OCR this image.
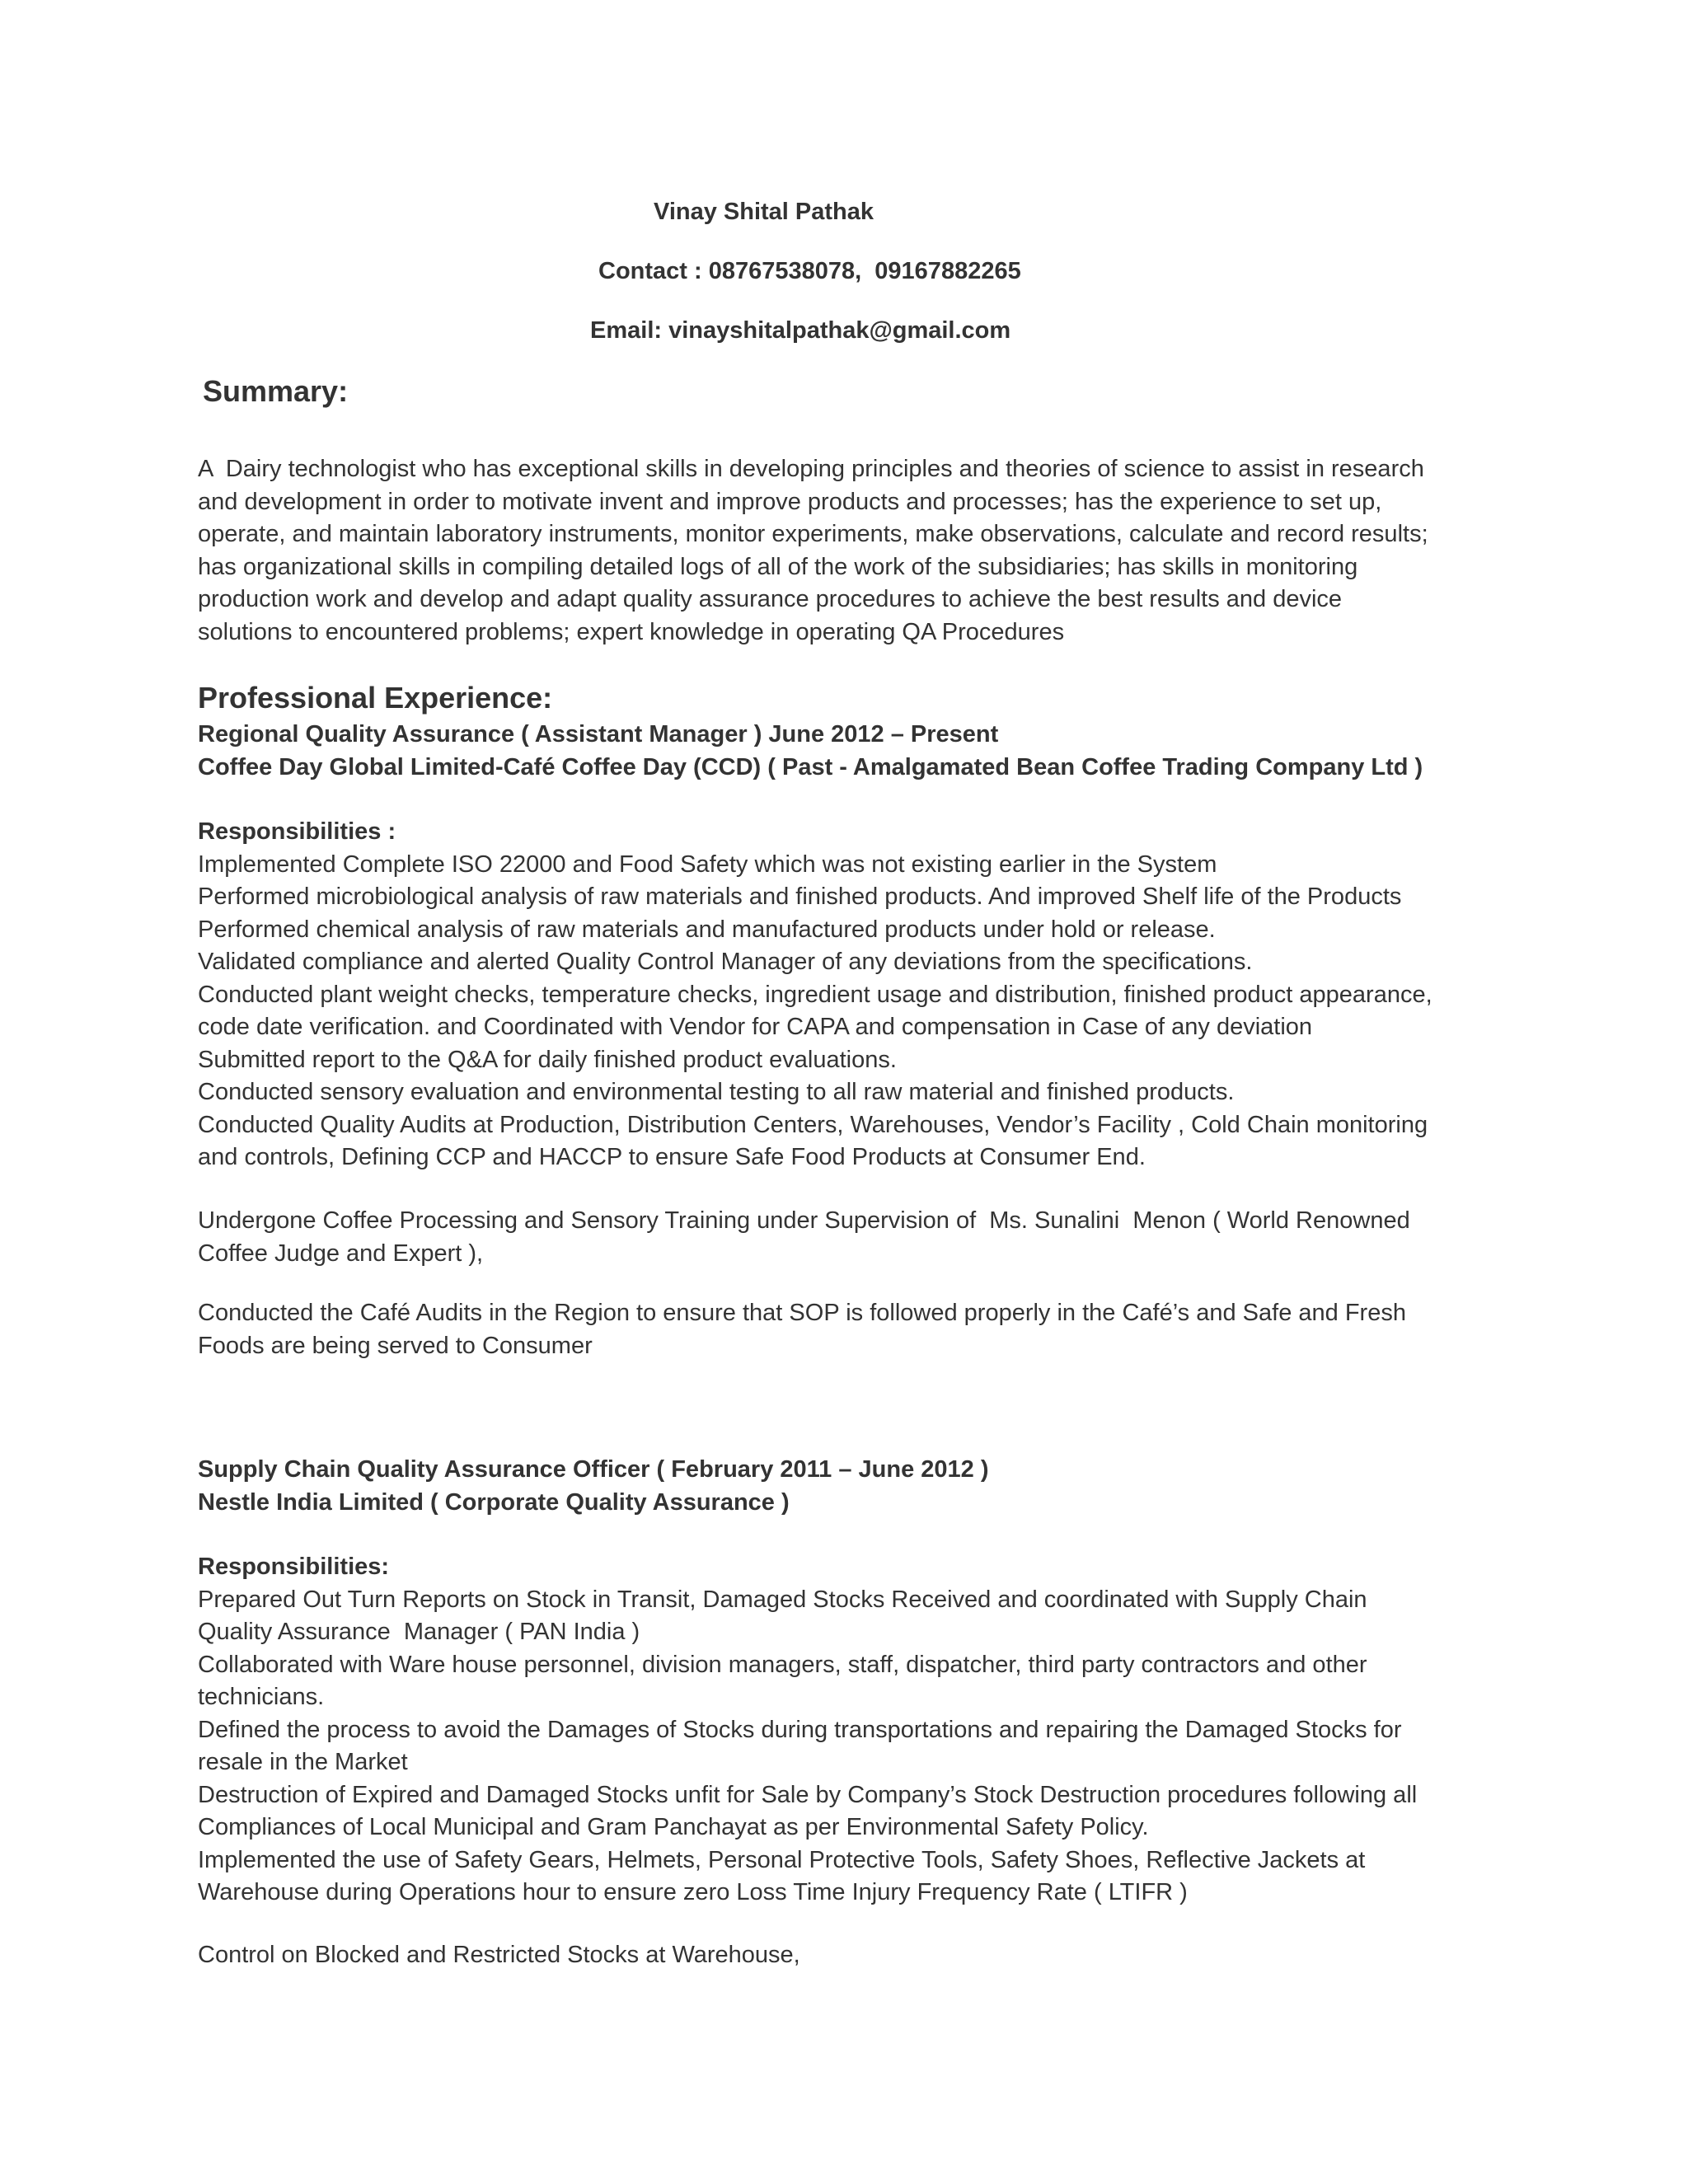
Vinay Shital Pathak
Contact : 08767538078,  09167882265
Email: vinayshitalpathak@gmail.com
Summary:

A  Dairy technologist who has exceptional skills in developing principles and theories of science to assist in research

and development in order to motivate invent and improve products and processes; has the experience to set up,

operate, and maintain laboratory instruments, monitor experiments, make observations, calculate and record results;

has organizational skills in compiling detailed logs of all of the work of the subsidiaries; has skills in monitoring

production work and develop and adapt quality assurance procedures to achieve the best results and device

solutions to encountered problems; expert knowledge in operating QA Procedures

Professional Experience:

Regional Quality Assurance ( Assistant Manager ) June 2012 – Present

Coffee Day Global Limited-Café Coffee Day (CCD) ( Past - Amalgamated Bean Coffee Trading Company Ltd )

Responsibilities :

Implemented Complete ISO 22000 and Food Safety which was not existing earlier in the System

Performed microbiological analysis of raw materials and finished products. And improved Shelf life of the Products

Performed chemical analysis of raw materials and manufactured products under hold or release.

Validated compliance and alerted Quality Control Manager of any deviations from the specifications.

Conducted plant weight checks, temperature checks, ingredient usage and distribution, finished product appearance,

code date verification. and Coordinated with Vendor for CAPA and compensation in Case of any deviation

Submitted report to the Q&A for daily finished product evaluations.

Conducted sensory evaluation and environmental testing to all raw material and finished products.

Conducted Quality Audits at Production, Distribution Centers, Warehouses, Vendor’s Facility , Cold Chain monitoring

and controls, Defining CCP and HACCP to ensure Safe Food Products at Consumer End.

Undergone Coffee Processing and Sensory Training under Supervision of  Ms. Sunalini  Menon ( World Renowned

Coffee Judge and Expert ),

Conducted the Café Audits in the Region to ensure that SOP is followed properly in the Café’s and Safe and Fresh

Foods are being served to Consumer

Supply Chain Quality Assurance Officer ( February 2011 – June 2012 )

Nestle India Limited ( Corporate Quality Assurance )

Responsibilities:

Prepared Out Turn Reports on Stock in Transit, Damaged Stocks Received and coordinated with Supply Chain

Quality Assurance  Manager ( PAN India )

Collaborated with Ware house personnel, division managers, staff, dispatcher, third party contractors and other

technicians.

Defined the process to avoid the Damages of Stocks during transportations and repairing the Damaged Stocks for

resale in the Market

Destruction of Expired and Damaged Stocks unfit for Sale by Company’s Stock Destruction procedures following all

Compliances of Local Municipal and Gram Panchayat as per Environmental Safety Policy.

Implemented the use of Safety Gears, Helmets, Personal Protective Tools, Safety Shoes, Reflective Jackets at

Warehouse during Operations hour to ensure zero Loss Time Injury Frequency Rate ( LTIFR )

Control on Blocked and Restricted Stocks at Warehouse,
